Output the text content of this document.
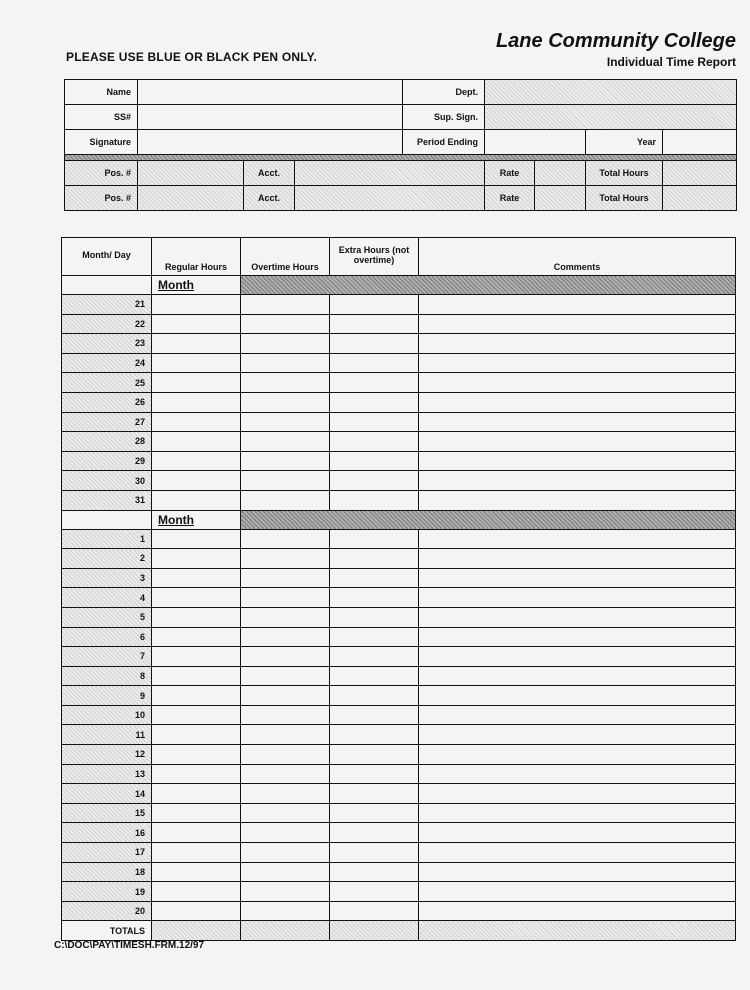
PLEASE USE BLUE OR BLACK PEN ONLY.
Lane Community College
Individual Time Report
Name				Dept.				
SS#				Sup. Sign.				
Signature				Period Ending			Year	

Pos. #		Acct.			Rate		Total Hours	
Pos. #		Acct.			Rate		Total Hours	
Month/ Day	Regular Hours	Overtime Hours	Extra Hours (not overtime)	Comments
	Month			
21				
22				
23				
24				
25				
26				
27				
28				
29				
30				
31				
	Month			
1				
2				
3				
4				
5				
6				
7				
8				
9				
10				
11				
12				
13				
14				
15				
16				
17				
18				
19				
20				
TOTALS				
C:\DOC\PAY\TIMESH.FRM.12/97
